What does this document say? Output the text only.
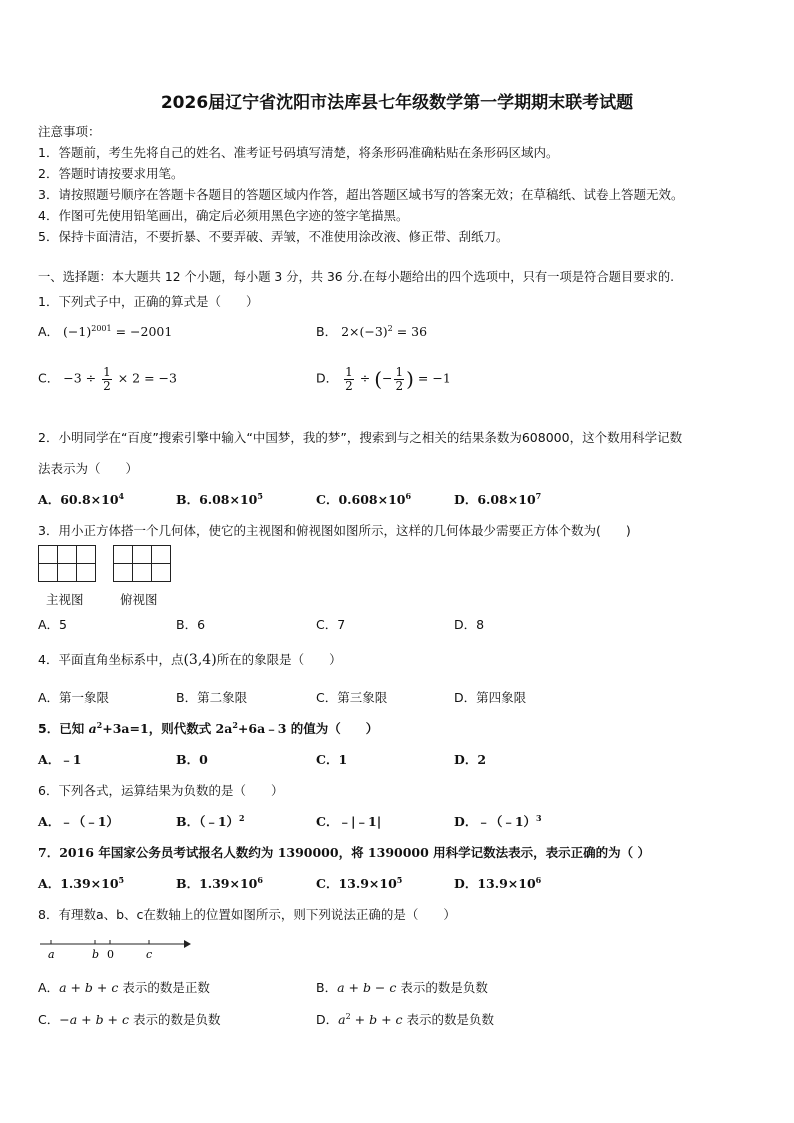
2026届辽宁省沈阳市法库县七年级数学第一学期期末联考试题
注意事项：
1．答题前，考生先将自己的姓名、准考证号码填写清楚，将条形码准确粘贴在条形码区域内。
2．答题时请按要求用笔。
3．请按照题号顺序在答题卡各题目的答题区域内作答，超出答题区域书写的答案无效；在草稿纸、试卷上答题无效。
4．作图可先使用铅笔画出，确定后必须用黑色字迹的签字笔描黑。
5．保持卡面清洁，不要折暴、不要弄破、弄皱，不准使用涂改液、修正带、刮纸刀。
一、选择题：本大题共 12 个小题，每小题 3 分，共 36 分.在每小题给出的四个选项中，只有一项是符合题目要求的.
1．下列式子中，正确的算式是（　　）
A． $(-1)^{2001} = -2001$	B． $2\times(-3)^2 = 36$
C． $-3 \div \frac{1}{2} \times 2 = -3$	D． $\frac{1}{2}$ ÷ (− $\frac{1}{2}$ ) = −1
2．小明同学在“百度”搜索引擎中输入“中国梦，我的梦”，搜索到与之相关的结果条数为608000，这个数用科学记数
法表示为（　　）
A．$60.8\times 10^4$	B．$6.08\times 10^5$	C．$0.608\times 10^6$	D．$6.08\times 10^7$
3．用小正方体搭一个几何体，使它的主视图和俯视图如图所示，这样的几何体最少需要正方体个数为(　　)
主视图	俯视图
A．5	B．6	C．7	D．8
4．平面直角坐标系中，点(3,4)所在的象限是（　　）
A．第一象限	B．第二象限	C．第三象限	D．第四象限
5．已知 $a^2+3a=1$，则代数式 $2a^2+6a﹣3$ 的值为（　　）
A．﹣1	B．0	C．1	D．2
6．下列各式，运算结果为负数的是（　　）
A．﹣（﹣1）	B．（﹣1）$^2$	C．﹣|﹣1|	D．﹣（﹣1）$^3$
7．2016 年国家公务员考试报名人数约为 1390000，将 1390000 用科学记数法表示，表示正确的为（ ）
A．$1.39\times 10^5$	B．$1.39\times 10^6$	C．$13.9\times 10^5$	D．$13.9\times 10^6$
8．有理数a、b、c在数轴上的位置如图所示，则下列说法正确的是（　　）
a	b 0	c
A．a + b + c 表示的数是正数	B．a + b − c 表示的数是负数
C．−a + b + c 表示的数是负数	D．$a^2 + b + c$ 表示的数是负数
